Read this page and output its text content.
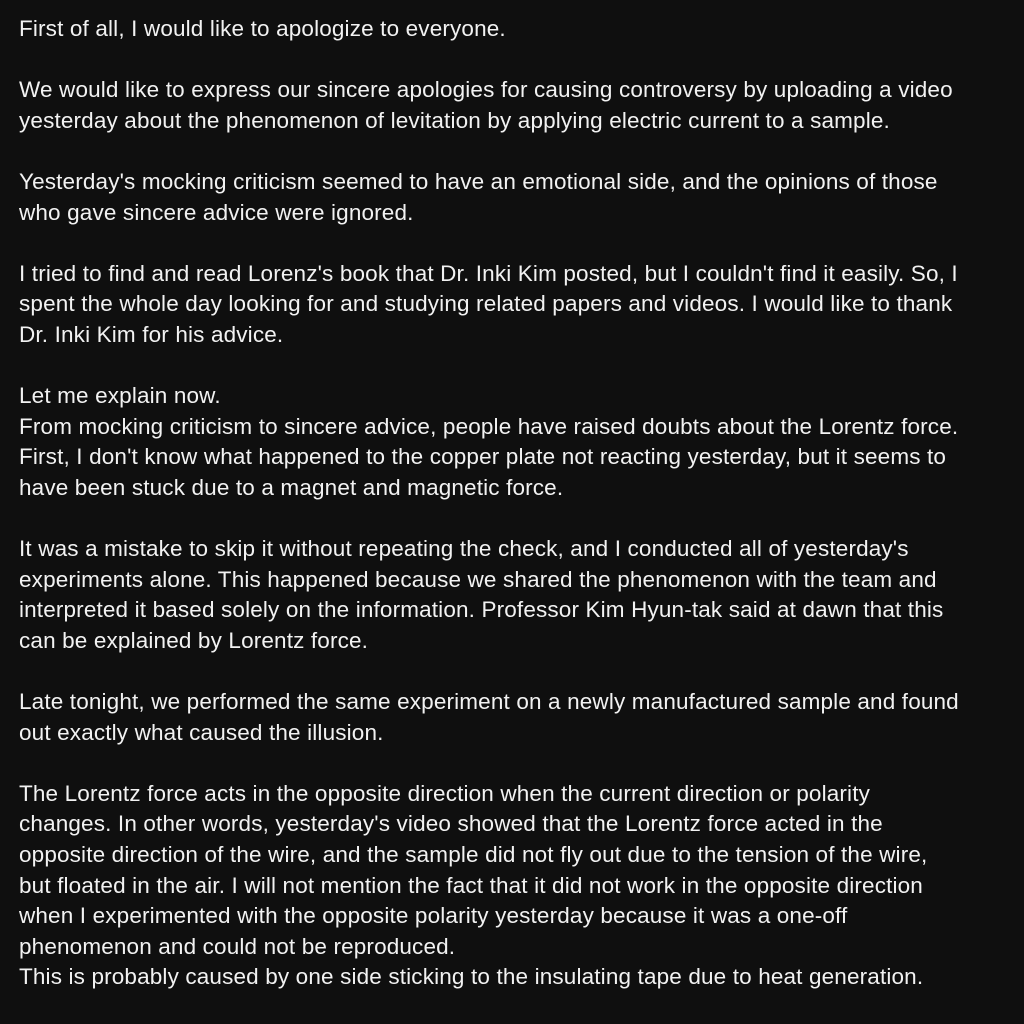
First of all, I would like to apologize to everyone.

We would like to express our sincere apologies for causing controversy by uploading a video
yesterday about the phenomenon of levitation by applying electric current to a sample.

Yesterday's mocking criticism seemed to have an emotional side, and the opinions of those
who gave sincere advice were ignored.

I tried to find and read Lorenz's book that Dr. Inki Kim posted, but I couldn't find it easily. So, I
spent the whole day looking for and studying related papers and videos. I would like to thank
Dr. Inki Kim for his advice.

Let me explain now.
From mocking criticism to sincere advice, people have raised doubts about the Lorentz force.
First, I don't know what happened to the copper plate not reacting yesterday, but it seems to
have been stuck due to a magnet and magnetic force.

It was a mistake to skip it without repeating the check, and I conducted all of yesterday's
experiments alone. This happened because we shared the phenomenon with the team and
interpreted it based solely on the information. Professor Kim Hyun-tak said at dawn that this
can be explained by Lorentz force.

Late tonight, we performed the same experiment on a newly manufactured sample and found
out exactly what caused the illusion.

The Lorentz force acts in the opposite direction when the current direction or polarity
changes. In other words, yesterday's video showed that the Lorentz force acted in the
opposite direction of the wire, and the sample did not fly out due to the tension of the wire,
but floated in the air. I will not mention the fact that it did not work in the opposite direction
when I experimented with the opposite polarity yesterday because it was a one-off
phenomenon and could not be reproduced.
This is probably caused by one side sticking to the insulating tape due to heat generation.
